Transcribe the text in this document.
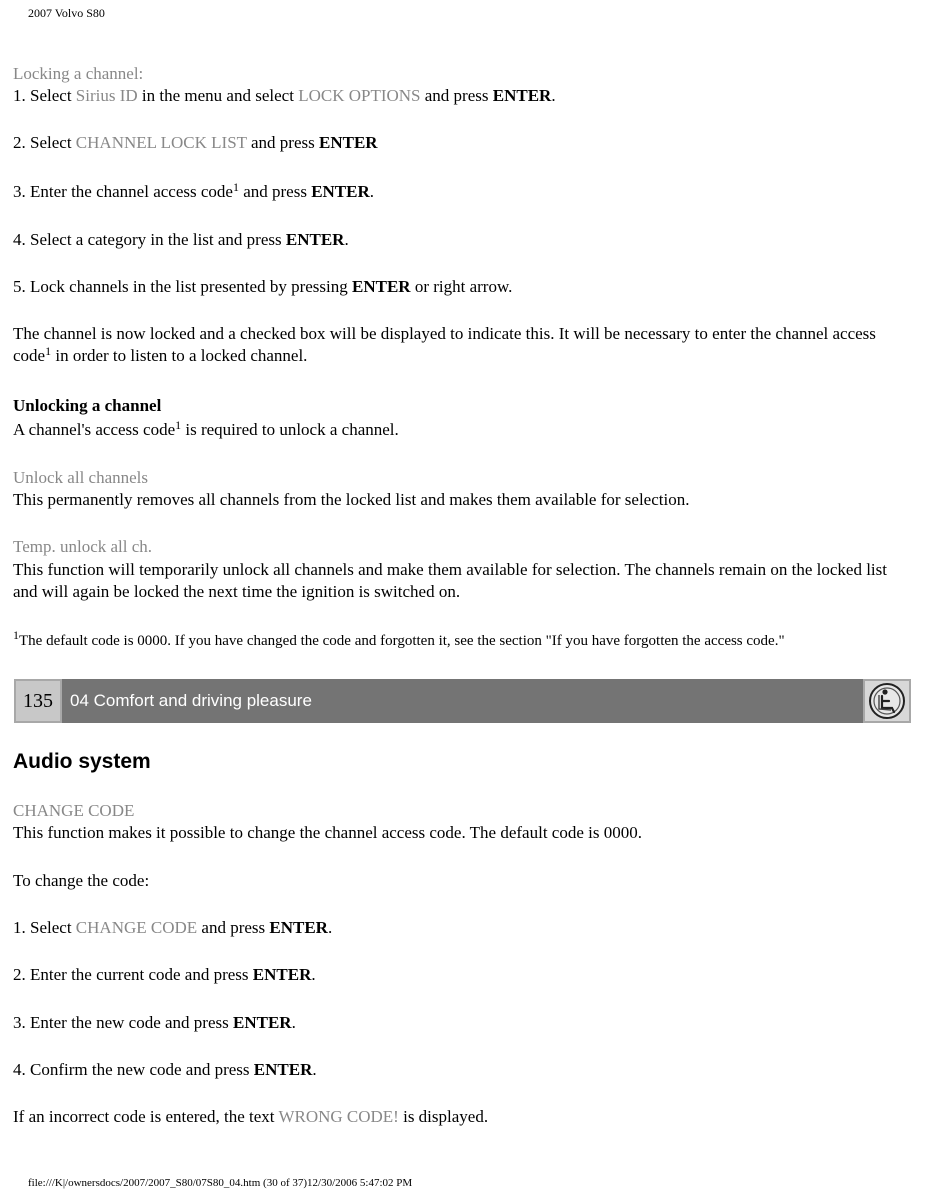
2007 Volvo S80
Locking a channel:
1. Select Sirius ID in the menu and select LOCK OPTIONS and press ENTER.
2. Select CHANNEL LOCK LIST and press ENTER
3. Enter the channel access code$^1$ and press ENTER.
4. Select a category in the list and press ENTER.
5. Lock channels in the list presented by pressing ENTER or right arrow.
The channel is now locked and a checked box will be displayed to indicate this. It will be necessary to enter the channel access code$^1$ in order to listen to a locked channel.
Unlocking a channel
A channel's access code$^1$ is required to unlock a channel.
Unlock all channels
This permanently removes all channels from the locked list and makes them available for selection.
Temp. unlock all ch.
This function will temporarily unlock all channels and make them available for selection. The channels remain on the locked list and will again be locked the next time the ignition is switched on.
$^1$The default code is 0000. If you have changed the code and forgotten it, see the section "If you have forgotten the access code."
135	04 Comfort and driving pleasure
Audio system
CHANGE CODE
This function makes it possible to change the channel access code. The default code is 0000.
To change the code:
1. Select CHANGE CODE and press ENTER.
2. Enter the current code and press ENTER.
3. Enter the new code and press ENTER.
4. Confirm the new code and press ENTER.
If an incorrect code is entered, the text WRONG CODE! is displayed.
file:///K|/ownersdocs/2007/2007_S80/07S80_04.htm (30 of 37)12/30/2006 5:47:02 PM
